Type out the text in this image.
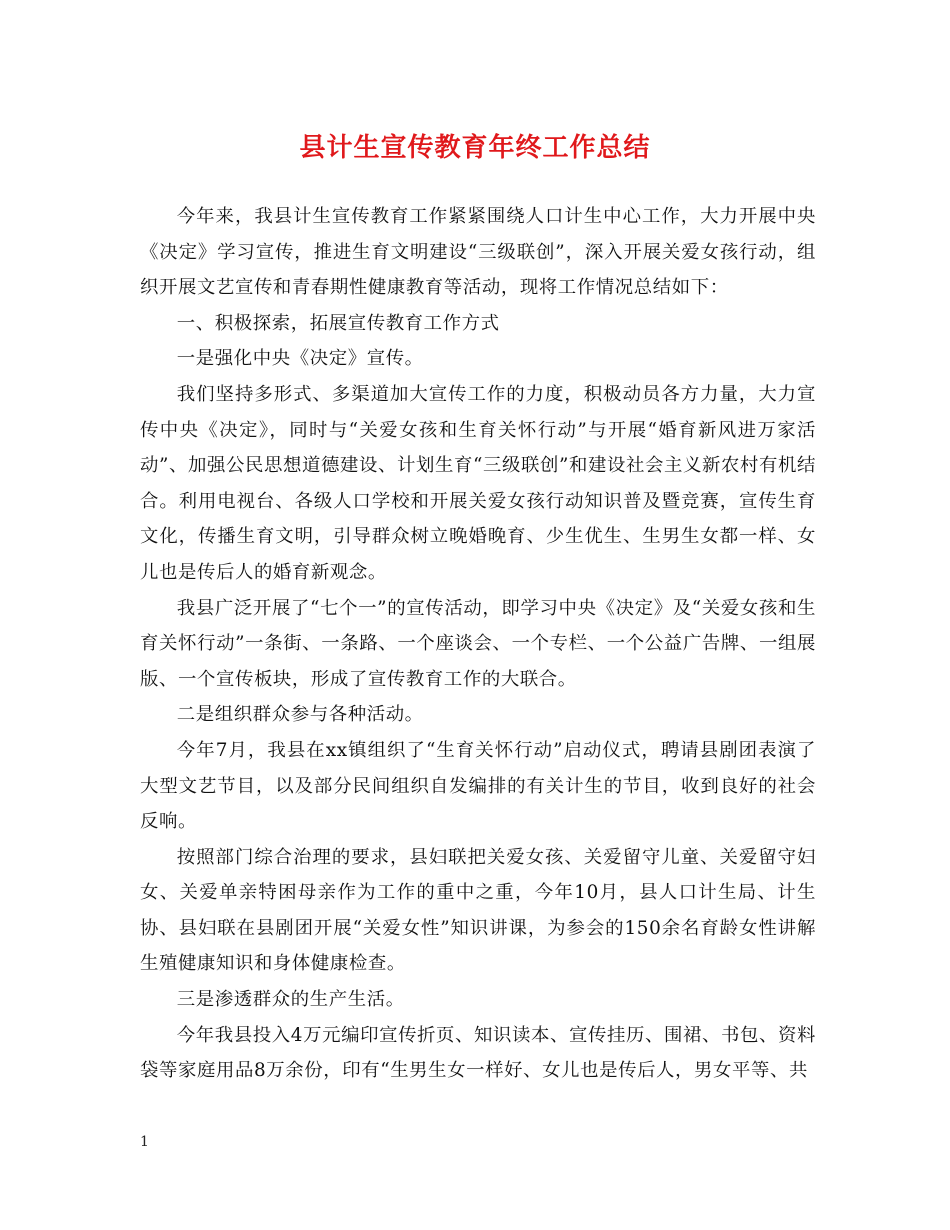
县计生宣传教育年终工作总结

今年来，我县计生宣传教育工作紧紧围绕人口计生中心工作，大力开展中央《决定》学习宣传，推进生育文明建设“三级联创”，深入开展关爱女孩行动，组织开展文艺宣传和青春期性健康教育等活动，现将工作情况总结如下：

一、积极探索，拓展宣传教育工作方式

一是强化中央《决定》宣传。

我们坚持多形式、多渠道加大宣传工作的力度，积极动员各方力量，大力宣传中央《决定》，同时与“关爱女孩和生育关怀行动”与开展“婚育新风进万家活动”、加强公民思想道德建设、计划生育“三级联创”和建设社会主义新农村有机结合。利用电视台、各级人口学校和开展关爱女孩行动知识普及暨竞赛，宣传生育文化，传播生育文明，引导群众树立晚婚晚育、少生优生、生男生女都一样、女儿也是传后人的婚育新观念。

我县广泛开展了“七个一”的宣传活动，即学习中央《决定》及“关爱女孩和生育关怀行动”一条街、一条路、一个座谈会、一个专栏、一个公益广告牌、一组展版、一个宣传板块，形成了宣传教育工作的大联合。

二是组织群众参与各种活动。

今年7月，我县在xx镇组织了“生育关怀行动”启动仪式，聘请县剧团表演了大型文艺节目，以及部分民间组织自发编排的有关计生的节目，收到良好的社会反响。

按照部门综合治理的要求，县妇联把关爱女孩、关爱留守儿童、关爱留守妇女、关爱单亲特困母亲作为工作的重中之重，今年10月，县人口计生局、计生协、县妇联在县剧团开展“关爱女性”知识讲课，为参会的150余名育龄女性讲解生殖健康知识和身体健康检查。

三是渗透群众的生产生活。

今年我县投入4万元编印宣传折页、知识读本、宣传挂历、围裙、书包、资料袋等家庭用品8万余份，印有“生男生女一样好、女儿也是传后人，男女平等、共

1
